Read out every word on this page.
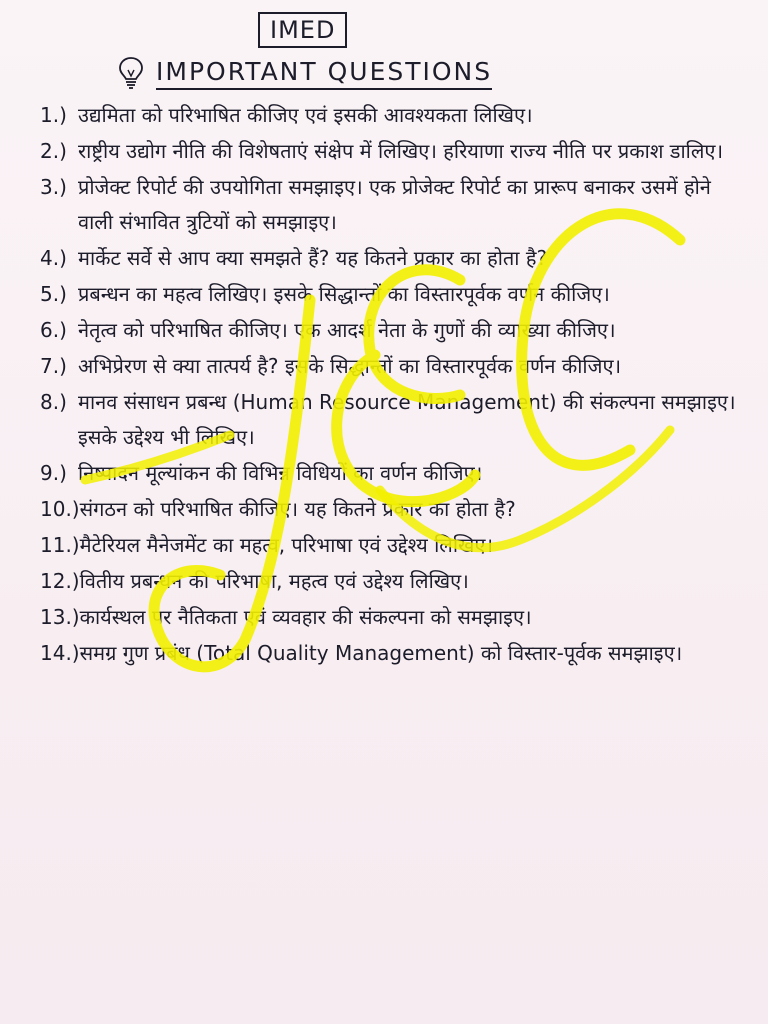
IMED
IMPORTANT QUESTIONS
1.) उद्यमिता को परिभाषित कीजिए एवं इसकी आवश्यकता लिखिए।
2.) राष्ट्रीय उद्योग नीति की विशेषताएं संक्षेप में लिखिए। हरियाणा राज्य नीति पर प्रकाश डालिए।
3.) प्रोजेक्ट रिपोर्ट की उपयोगिता समझाइए। एक प्रोजेक्ट रिपोर्ट का प्रारूप बनाकर उसमें होने वाली संभावित त्रुटियों को समझाइए।
4.) मार्केट सर्वे से आप क्या समझते हैं? यह कितने प्रकार का होता है?
5.) प्रबन्धन का महत्व लिखिए। इसके सिद्धान्तों का विस्तारपूर्वक वर्णन कीजिए।
6.) नेतृत्व को परिभाषित कीजिए। एक आदर्श नेता के गुणों की व्याख्या कीजिए।
7.) अभिप्रेरण से क्या तात्पर्य है? इसके सिद्धान्तों का विस्तारपूर्वक वर्णन कीजिए।
8.) मानव संसाधन प्रबन्ध (Human Resource Management) की संकल्पना समझाइए। इसके उद्देश्य भी लिखिए।
9.) निष्पादन मूल्यांकन की विभिन्न विधियों का वर्णन कीजिए।
10.) संगठन को परिभाषित कीजिए। यह कितने प्रकार का होता है?
11.) मैटेरियल मैनेजमेंट का महत्व, परिभाषा एवं उद्देश्य लिखिए।
12.) वितीय प्रबन्धन की परिभाषा, महत्व एवं उद्देश्य लिखिए।
13.) कार्यस्थल पर नैतिकता एवं व्यवहार की संकल्पना को समझाइए।
14.) समग्र गुण प्रबंध (Total Quality Management) को विस्तार-पूर्वक समझाइए।
